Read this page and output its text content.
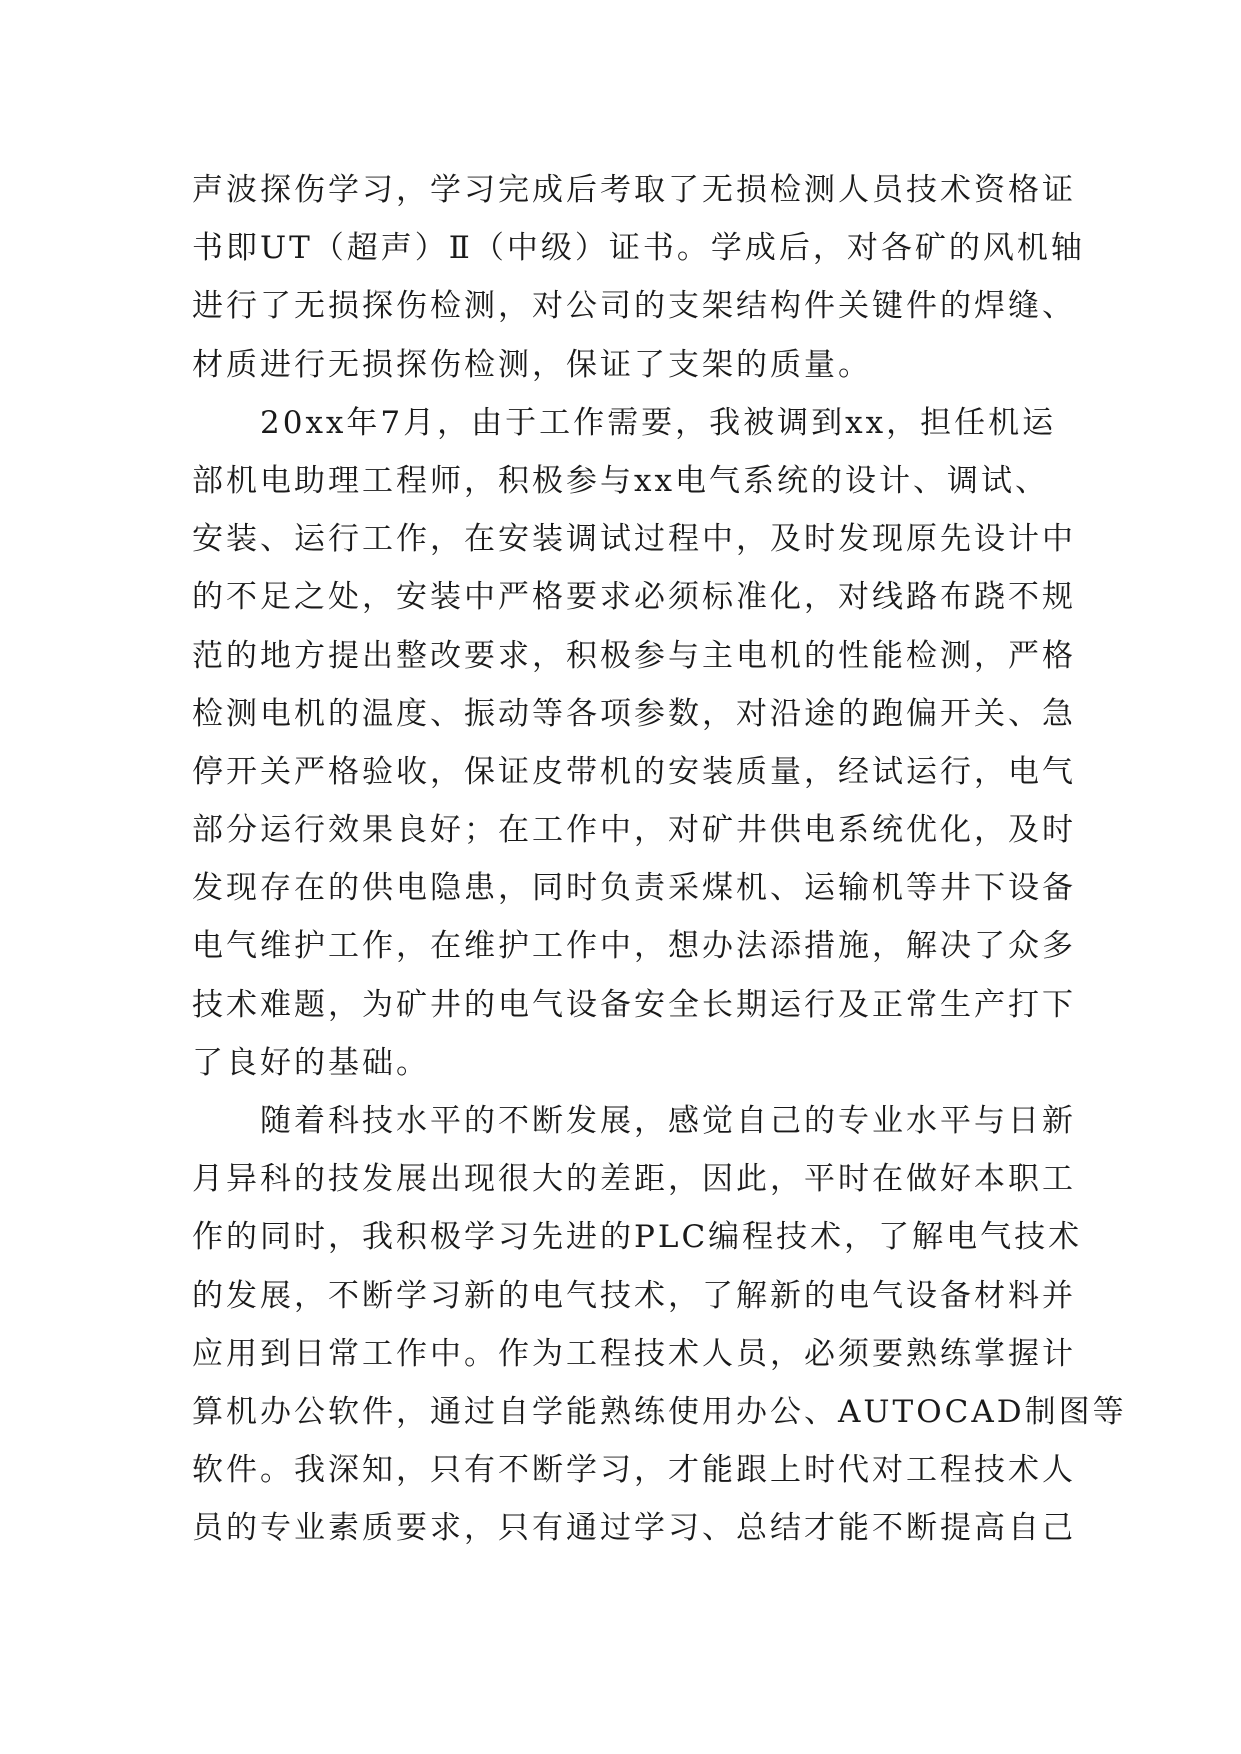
声波探伤学习，学习完成后考取了无损检测人员技术资格证
书即UT（超声）Ⅱ（中级）证书。学成后，对各矿的风机轴
进行了无损探伤检测，对公司的支架结构件关键件的焊缝、
材质进行无损探伤检测，保证了支架的质量。
　　20xx年7月，由于工作需要，我被调到xx，担任机运
部机电助理工程师，积极参与xx电气系统的设计、调试、
安装、运行工作，在安装调试过程中，及时发现原先设计中
的不足之处，安装中严格要求必须标准化，对线路布跷不规
范的地方提出整改要求，积极参与主电机的性能检测，严格
检测电机的温度、振动等各项参数，对沿途的跑偏开关、急
停开关严格验收，保证皮带机的安装质量，经试运行，电气
部分运行效果良好；在工作中，对矿井供电系统优化，及时
发现存在的供电隐患，同时负责采煤机、运输机等井下设备
电气维护工作，在维护工作中，想办法添措施，解决了众多
技术难题，为矿井的电气设备安全长期运行及正常生产打下
了良好的基础。
　　随着科技水平的不断发展，感觉自己的专业水平与日新
月异科的技发展出现很大的差距，因此，平时在做好本职工
作的同时，我积极学习先进的PLC编程技术，了解电气技术
的发展，不断学习新的电气技术，了解新的电气设备材料并
应用到日常工作中。作为工程技术人员，必须要熟练掌握计
算机办公软件，通过自学能熟练使用办公、AUTOCAD制图等
软件。我深知，只有不断学习，才能跟上时代对工程技术人
员的专业素质要求，只有通过学习、总结才能不断提高自己
